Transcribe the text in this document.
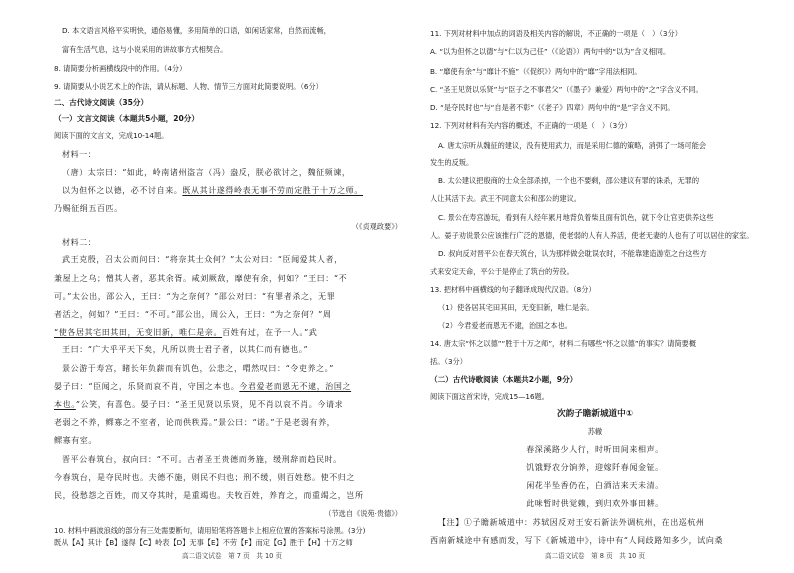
D. 本文语言风格平实明快，通俗易懂，多用简单的口语，如闲话家常，自然而流畅，
富有生活气息，这与小说采用的讲故事方式相契合。
8. 请简要分析画横线段中的作用。（4分）
9. 请简要从小说艺术上的作法，请从标题、人物、情节三方面对此简要说明。（6分）
二、古代诗文阅读（35分）
（一）文言文阅读（本题共5小题，20分）
阅读下面的文言文，完成10-14题。
材料一：
（唐）太宗曰：“如此，岭南诸州盗言（冯）盎反，朕必欲讨之，魏征频谏，
以为但怀之以德，必不讨自来。既从其计遂得岭表无事不劳而定胜于十万之师。
乃赐征绢五百匹。
（《贞观政要》）
材料二：
武王克殷，召太公而问曰：“将奈其士众何？”太公对曰：“臣闻爱其人者，
兼屋上之乌；憎其人者，恶其余胥。咸刘厥敌，靡使有余，何如？”王曰：“不
可。”太公出，邵公入，王曰：“为之奈何？”邵公对曰：“有罪者杀之，无罪
者活之，何如？”王曰：“不可。”邵公出，周公入，王曰：“为之奈何？”周
“使各居其宅田其田，无变旧新，唯仁是亲。百姓有过，在予一人。”武
王曰：“广大乎平天下矣，凡所以贵士君子者，以其仁而有德也。”
景公游于寿宫，睹长年负薪而有饥色，公悲之，喟然叹曰：“令吏养之。”
晏子曰：“臣闻之，乐贤而哀不肖，守国之本也。今君爱老而恩无不逮，治国之
本也。”公笑，有喜色。晏子曰：“圣王见贤以乐贤，见不肖以哀不肖。今请求
老弱之不养，鳏寡之不室者，论而供秩焉。”景公曰：“诺。”于是老弱有养，
鳏寡有室。
晋平公春筑台，叔向曰：“不可。古者圣王贵德而务施，缓刑辞而趋民时。
今春筑台，是夺民时也。夫德不施，则民不归也；刑不缓，则百姓愁。使不归之
民，役愁怨之百姓，而又夺其时，是重竭也。夫牧百姓，养育之，而重竭之，岂所
（节选自《说苑·贵德》）
10. 材料中画波浪线的部分有三处需要断句，请用铅笔将答题卡上相应位置的答案标号涂黑。(3分)
既从【A】其计【B】遂得【C】岭表【D】无事【E】不劳【F】而定【G】胜于【H】十万之师
高二语文试卷　第 7 页　共 10 页
11. 下列对材料中加点的词语及相关内容的解说，不正确的一项是（　）（3分）
A. “以为但怀之以德”与“仁以为己任”（《论语》）两句中的“以为”含义相同。
B. “靡使有余”与“靡计不施”（《促织》）两句中的“靡”字用法相同。
C. “圣王见贤以乐贤”与“臣子之不事君父”（《墨子》兼爱）两句中的“之”字含义不同。
D. “是夺民时也”与“自是者不彰”（《老子》四章）两句中的“是”字含义不同。
12. 下列对材料有关内容的概述，不正确的一项是（　）（3分）
A. 唐太宗听从魏征的建议，没有使用武力，而是采用仁德的策略，消弭了一场可能会
发生的反叛。
B. 太公建议把殷商的士众全部杀掉，一个也不要剩，邵公建议有罪的诛杀，无罪的
人让其活下去。武王不同意太公和邵公的建议。
C. 景公在寿宫游玩，看到有人经年累月地背负着柴且面有饥色，就下令让官吏供养这些
人。晏子劝说景公应该推行广泛的恩德，使老弱的人有人养活，使老无妻的人也有了可以居住的家室。
D. 叔向反对晋平公在春天筑台，认为那样做会耽误农时，不能靠建造游览之台这些方
式来安定天命，平公于是停止了筑台的劳役。
13. 把材料中画横线的句子翻译成现代汉语。（8分）
（1）使各居其宅田其田，无变旧新，唯仁是亲。
（2）今君爱老而恩无不逮，治国之本也。
14. 唐太宗“怀之以德”“胜于十万之师”，材料二有哪些“怀之以德”的事实？请简要概
括。（3分）
（二）古代诗歌阅读（本题共2小题，9分）
阅读下面这首宋诗，完成15—16题。
次韵子瞻新城道中①
苏辙
春深溪路少人行，时听田间来相声。
饥饿野农分饷养，迎嫁阡春闻金钲。
闲花半坠香仍在，白酒沽来天未清。
此味暂时供觉赖，到归欢外事田耕。
【注】①子瞻新城道中：苏轼因反对王安石新法外调杭州，在出巡杭州
西南新城途中有感而发，写下《新城道中》，诗中有“人间歧路知多少，试向桑
高二语文试卷　第 8 页　共 10 页
